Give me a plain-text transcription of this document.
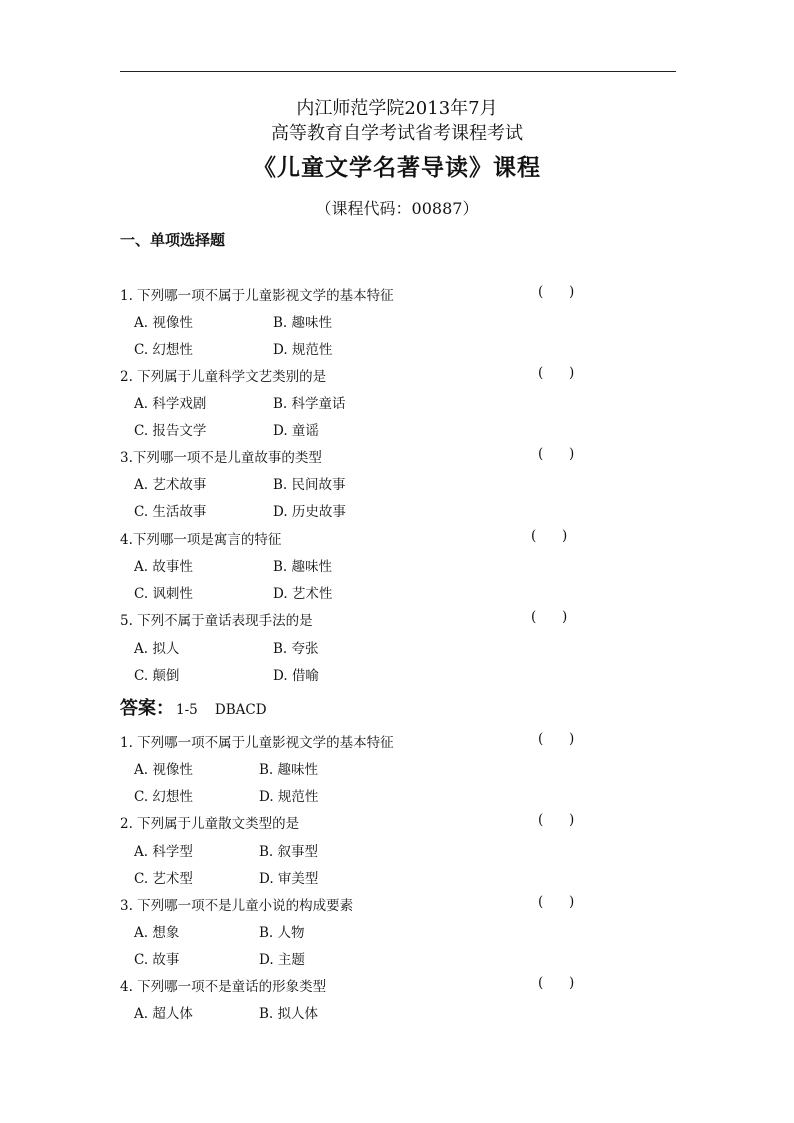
内江师范学院2013年7月
高等教育自学考试省考课程考试
《儿童文学名著导读》课程
（课程代码：00887）
一、单项选择题
1. 下列哪一项不属于儿童影视文学的基本特征	(      )
A. 视像性	B. 趣味性
C. 幻想性	D. 规范性
2. 下列属于儿童科学文艺类别的是	(      )
A. 科学戏剧	B. 科学童话
C. 报告文学	D. 童谣
3.下列哪一项不是儿童故事的类型	(      )
A. 艺术故事	B. 民间故事
C. 生活故事	D. 历史故事
4.下列哪一项是寓言的特征	(      )
A. 故事性	B. 趣味性
C. 讽刺性	D. 艺术性
5. 下列不属于童话表现手法的是	(      )
A. 拟人	B. 夸张
C. 颠倒	D. 借喻
答案： 1-5    DBACD
1. 下列哪一项不属于儿童影视文学的基本特征	(      )
A. 视像性	B. 趣味性
C. 幻想性	D. 规范性
2. 下列属于儿童散文类型的是	(      )
A. 科学型	B. 叙事型
C. 艺术型	D. 审美型
3. 下列哪一项不是儿童小说的构成要素	(      )
A. 想象	B. 人物
C. 故事	D. 主题
4. 下列哪一项不是童话的形象类型	(      )
A. 超人体	B. 拟人体
